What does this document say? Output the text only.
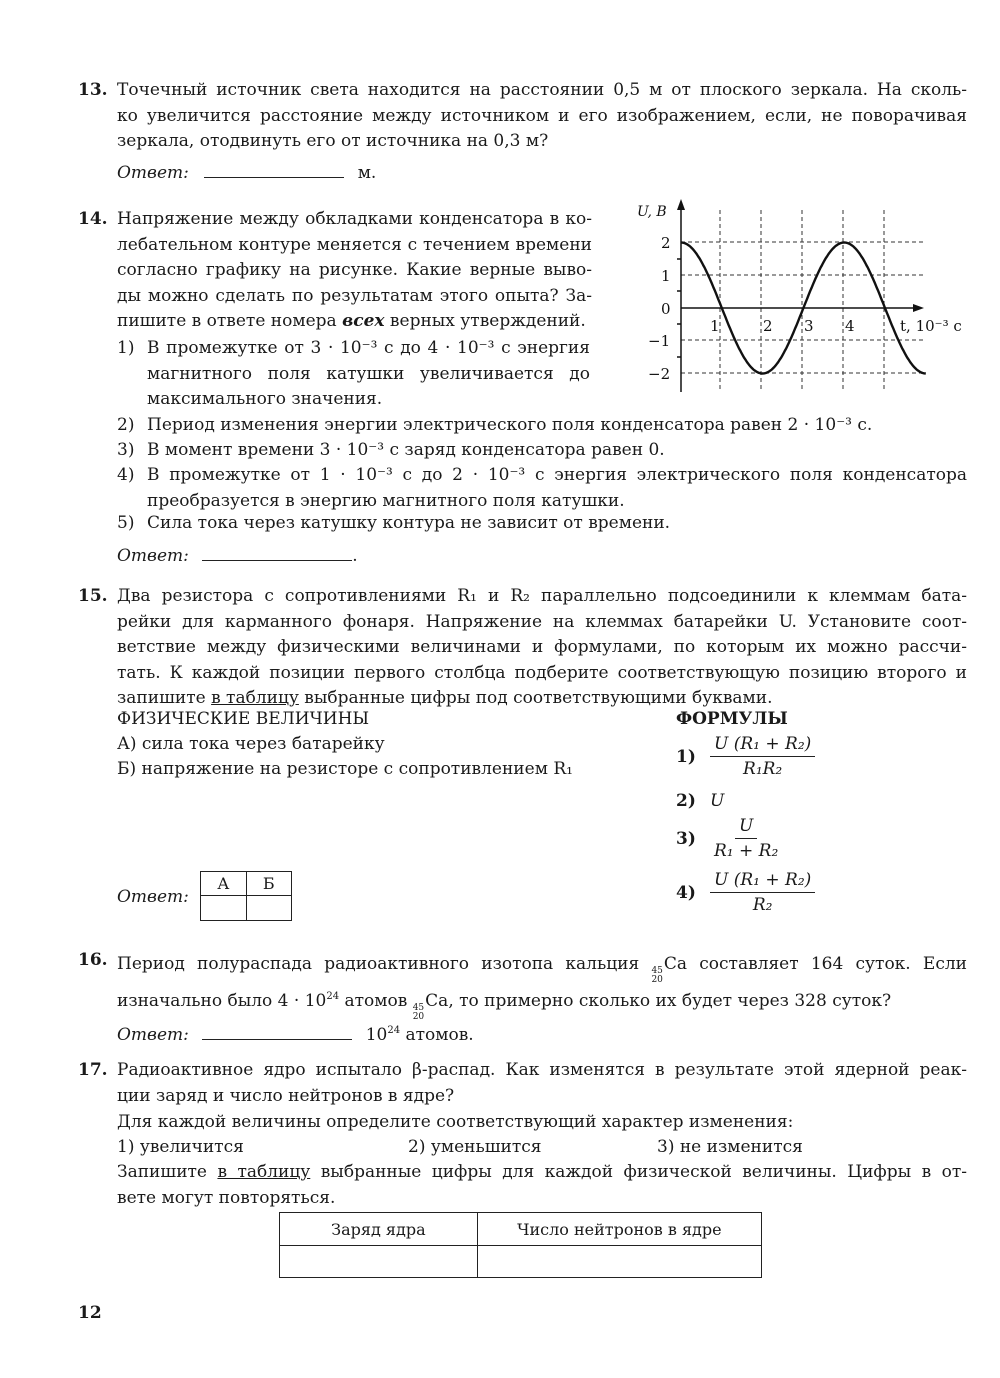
13. Точечный источник света находится на расстоянии 0,5 м от плоского зеркала. На сколь-
ко увеличится расстояние между источником и его изображением, если, не поворачивая
зеркала, отодвинуть его от источника на 0,3 м?
Ответ:	м.
14. Напряжение между обкладками конденсатора в ко-
лебательном контуре меняется с течением времени
согласно графику на рисунке. Какие верные выво-
ды можно сделать по результатам этого опыта? За-
пишите в ответе номера всех верных утверждений.
1) В промежутке от 3 · 10⁻³ с до 4 · 10⁻³ с энергия
магнитного поля катушки увеличивается до
максимального значения.
2) Период изменения энергии электрического поля конденсатора равен 2 · 10⁻³ с.
3) В момент времени 3 · 10⁻³ с заряд конденсатора равен 0.
4) В промежутке от 1 · 10⁻³ с до 2 · 10⁻³ с энергия электрического поля конденсатора
преобразуется в энергию магнитного поля катушки.
5) Сила тока через катушку контура не зависит от времени.
Ответ:	.
U, В
2
1
0
−1
−2
1	2 3 4	t, 10⁻³ с
15. Два резистора с сопротивлениями R₁ и R₂ параллельно подсоединили к клеммам бата-
рейки для карманного фонаря. Напряжение на клеммах батарейки U. Установите соот-
ветствие между физическими величинами и формулами, по которым их можно рассчи-
тать. К каждой позиции первого столбца подберите соответствующую позицию второго и
запишите в таблицу выбранные цифры под соответствующими буквами.
ФИЗИЧЕСКИЕ ВЕЛИЧИНЫ
А) сила тока через батарейку
Б) напряжение на резисторе с сопротивлением R₁
ФОРМУЛЫ
$1) \frac{\text{U (R₁ + R₂)}}{\text{R₁R₂}}$
2) U
$3) \frac{U}{\text{R₁ + R₂}}$
$4) \frac{\text{U (R₁ + R₂)}}{\text{R₂}}$
Ответ:
А	Б

16. Период полураспада радиоактивного изотопа кальция 45
20
Ca составляет 164 суток. Если
изначально было $4 \cdot 10^{24}$ атомов 45
20
Ca, то примерно сколько их будет через 328 суток?
Ответ:	$10^{24}$ атомов.
17. Радиоактивное ядро испытало β-распад. Как изменятся в результате этой ядерной реак-
ции заряд и число нейтронов в ядре?
Для каждой величины определите соответствующий характер изменения:
1) увеличится	2) уменьшится	3) не изменится
Запишите в таблицу выбранные цифры для каждой физической величины. Цифры в от-
вете могут повторяться.
Заряд ядра	Число нейтронов в ядре

12
